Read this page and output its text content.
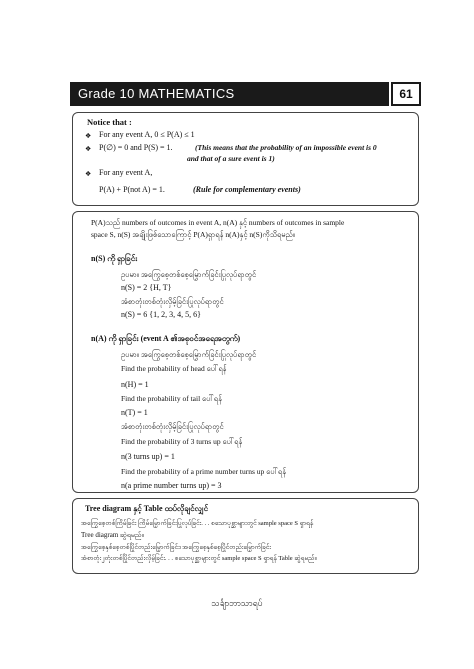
Grade 10 MATHEMATICS	61
Notice that :
❖ For any event A, 0 ≤ P(A) ≤ 1
❖ P(∅) = 0 and P(S) = 1.	(This means that the probability of an impossible event is 0
and that of a sure event is 1)
❖ For any event A,
P(A) + P(not A) = 1.	(Rule for complementary events)
P(A)သည် numbers of outcomes in event A, n(A) နှင့် numbers of outcomes in sample
space S, n(S) အချိုးဖြစ်သောကြောင့် P(A)ရှာရန် n(A)နှင့် n(S)ကိုသိရမည်။
n(S) ကို ရှာခြင်း
ဥပမာ။ အကြွေစေ့တစ်စေ့မြှောက်ခြင်းပြုလုပ်ရာတွင်
n(S) = 2 {H, T}
အံစာတုံးတစ်တုံးလှိမ့်ခြင်းပြုလုပ်ရာတွင်
n(S) = 6 {1, 2, 3, 4, 5, 6}
n(A) ကို ရှာခြင်း (event A ၏အစုဝင်အရေအတွက်)
ဥပမာ။ အကြွေစေ့တစ်စေ့မြှောက်ခြင်းပြုလုပ်ရာတွင်
Find the probability of head ပေါ်ရန်
n(H) = 1
Find the probability of tail ပေါ်ရန်
n(T) = 1
အံစာတုံးတစ်တုံးလှိမ့်ခြင်းပြုလုပ်ရာတွင်
Find the probability of 3 turns up ပေါ်ရန်
n(3 turns up) = 1
Find the probability of a prime number turns up ပေါ်ရန်
n(a prime number turns up) = 3
Tree diagram နှင့် Table ထပ်လိုချင်လျှင်
အကြွေစေ့တစ်ကြိမ်ခြင်း ကြိမ်မြှောက်ခြင်းပြုလုပ်ခြင်း. . . စသောပုစ္ဆာများတွင် sample space S ရှာရန်
Tree diagram ဆွဲရမည်။
အကြွေစေ့နှစ်စေ့တစ်ပြိုင်တည်းမြှောက်ခြင်း၊ အကြွေစေ့နှစ်စေ့ပြိုင်တည်းမြှောက်ခြင်း
အံစာတုံး၂တုံးတစ်ပြိုင်တည်းလှိမ့်ခြင်း. . . စသောပုစ္ဆာများတွင် sample space S ရှာရန် Table ဆွဲရမည်။
သင်္ချာဘာသာရပ်
